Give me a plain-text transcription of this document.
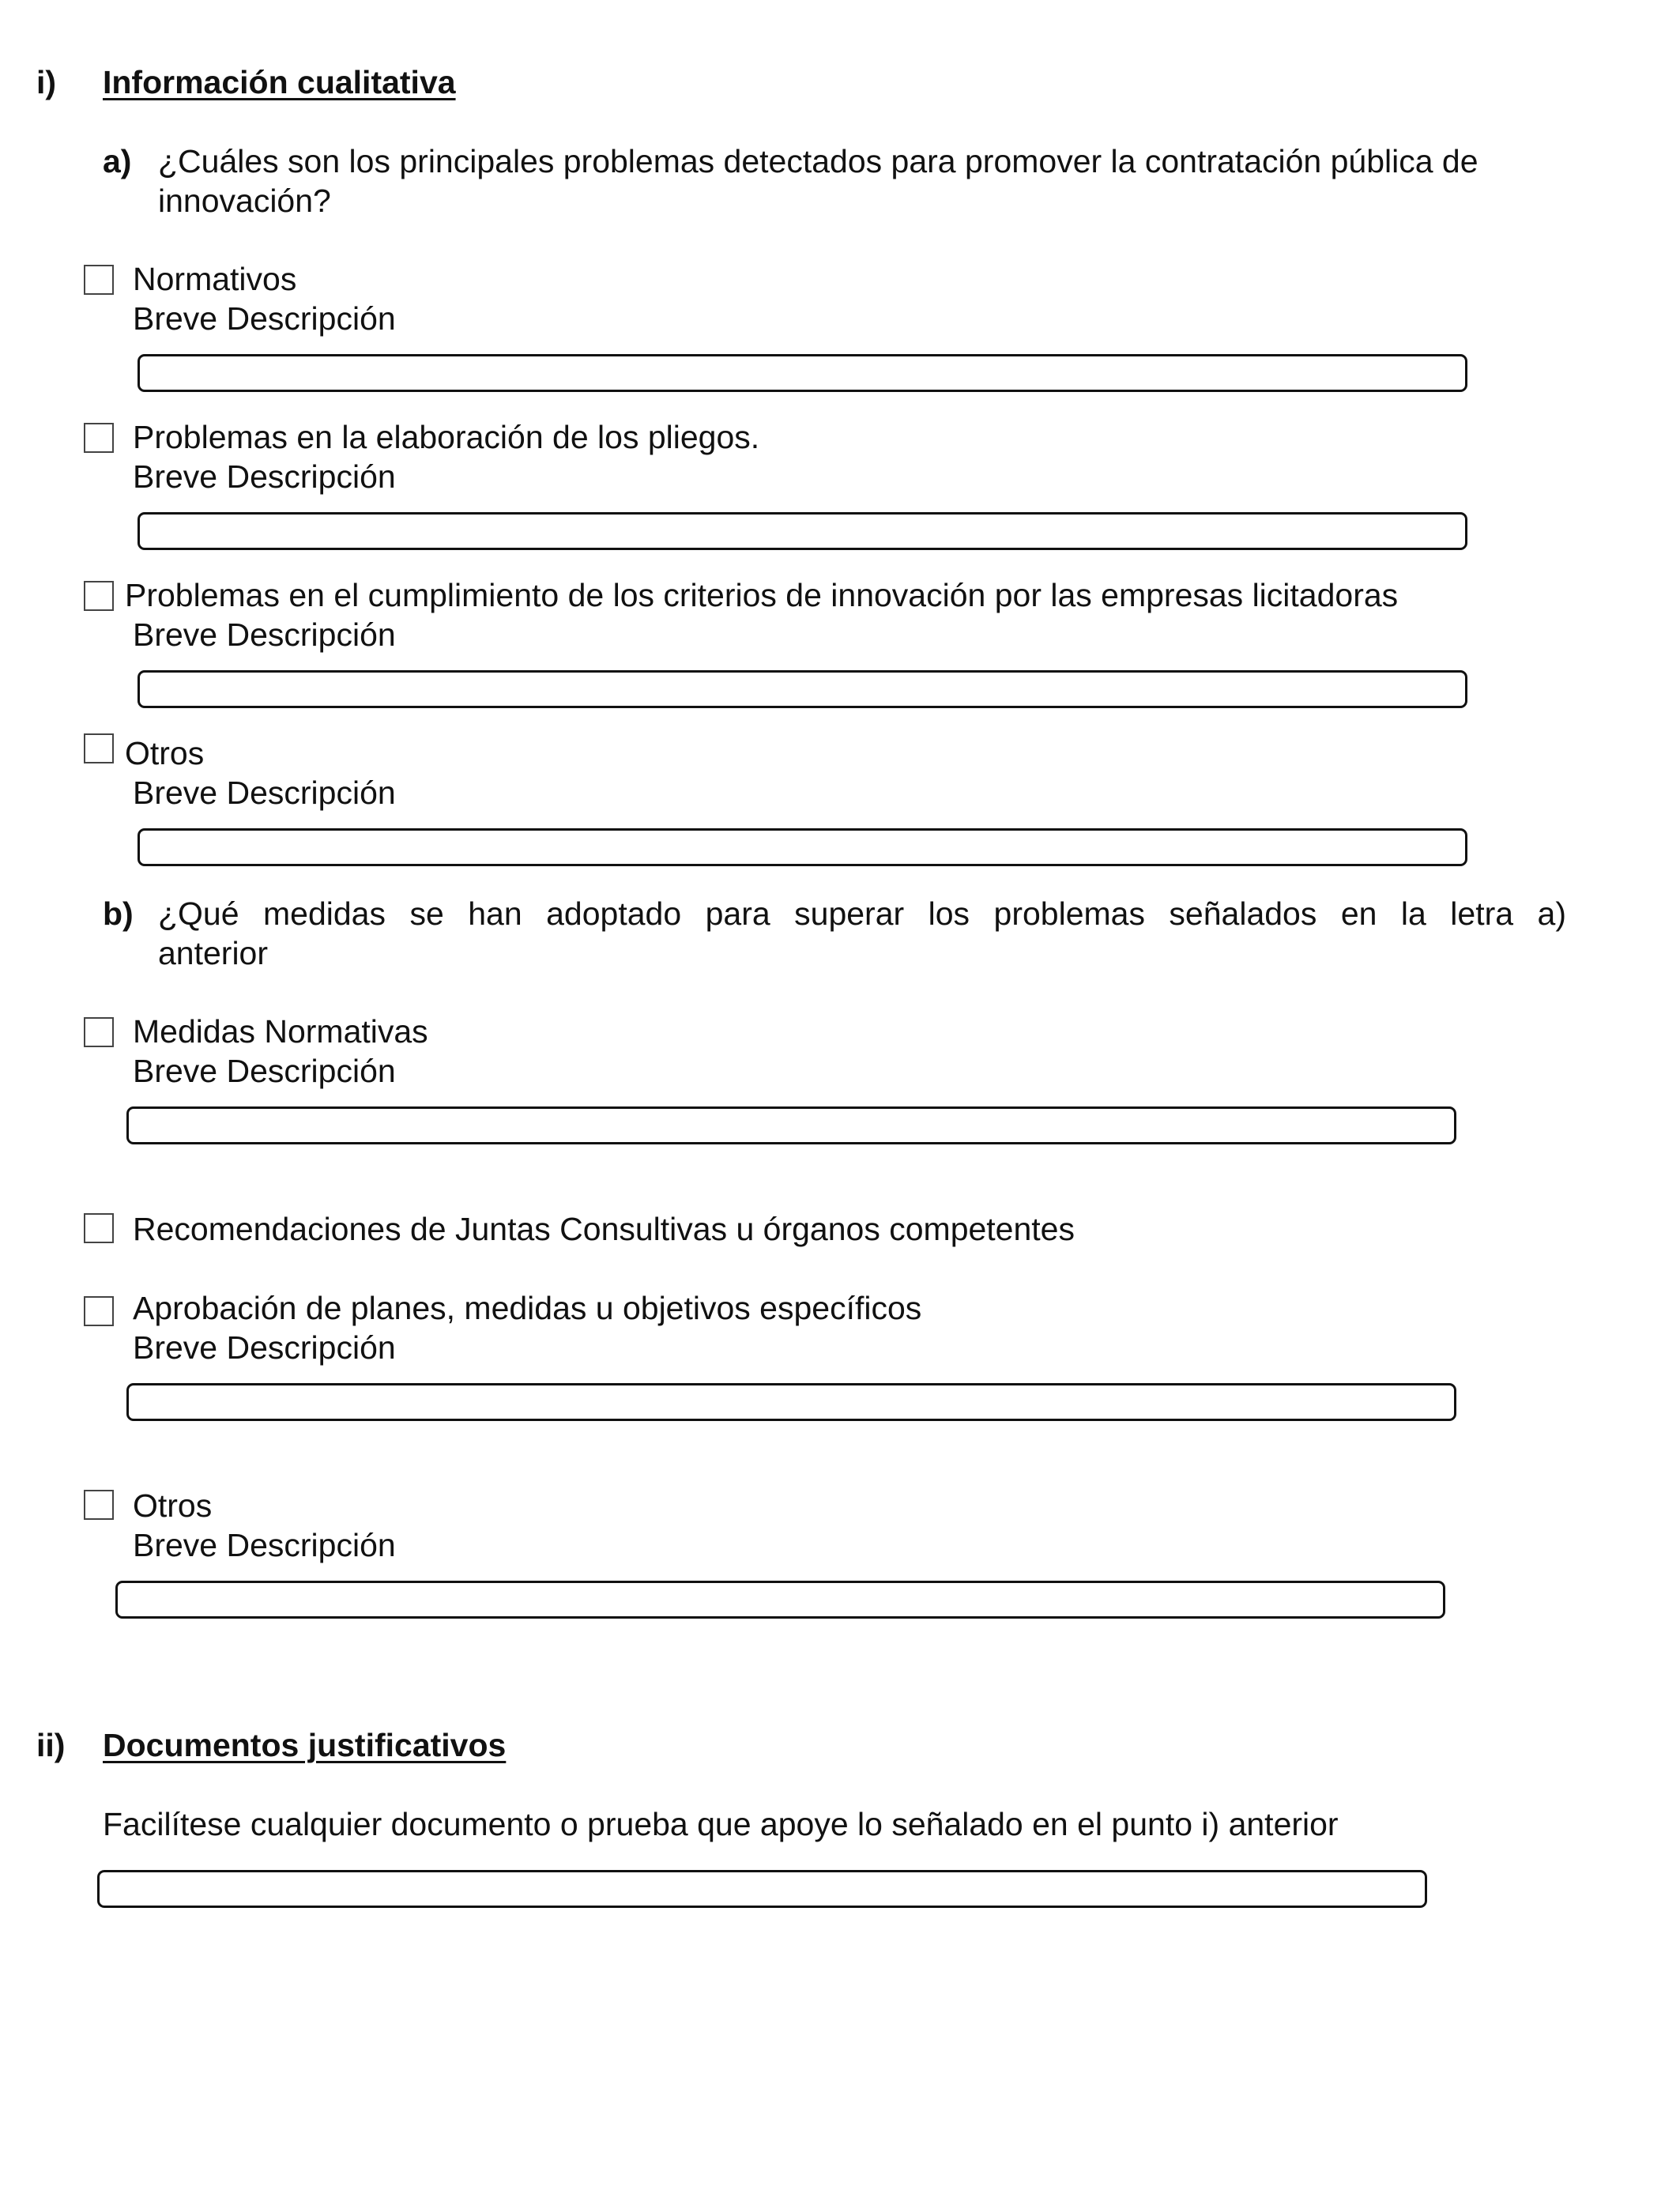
i) Información cualitativa
a) ¿Cuáles son los principales problemas detectados para promover la contratación pública de
innovación?
Normativos
Breve Descripción
Problemas en la elaboración de los pliegos.
Breve Descripción
Problemas en el cumplimiento de los criterios de innovación por las empresas licitadoras
Breve Descripción
Otros
Breve Descripción
b) ¿Qué medidas se han adoptado para superar los problemas señalados en la letra a)
anterior
Medidas Normativas
Breve Descripción
Recomendaciones de Juntas Consultivas u órganos competentes
Aprobación de planes, medidas u objetivos específicos
Breve Descripción
Otros
Breve Descripción
ii) Documentos justificativos
Facilítese cualquier documento o prueba que apoye lo señalado en el punto i) anterior
